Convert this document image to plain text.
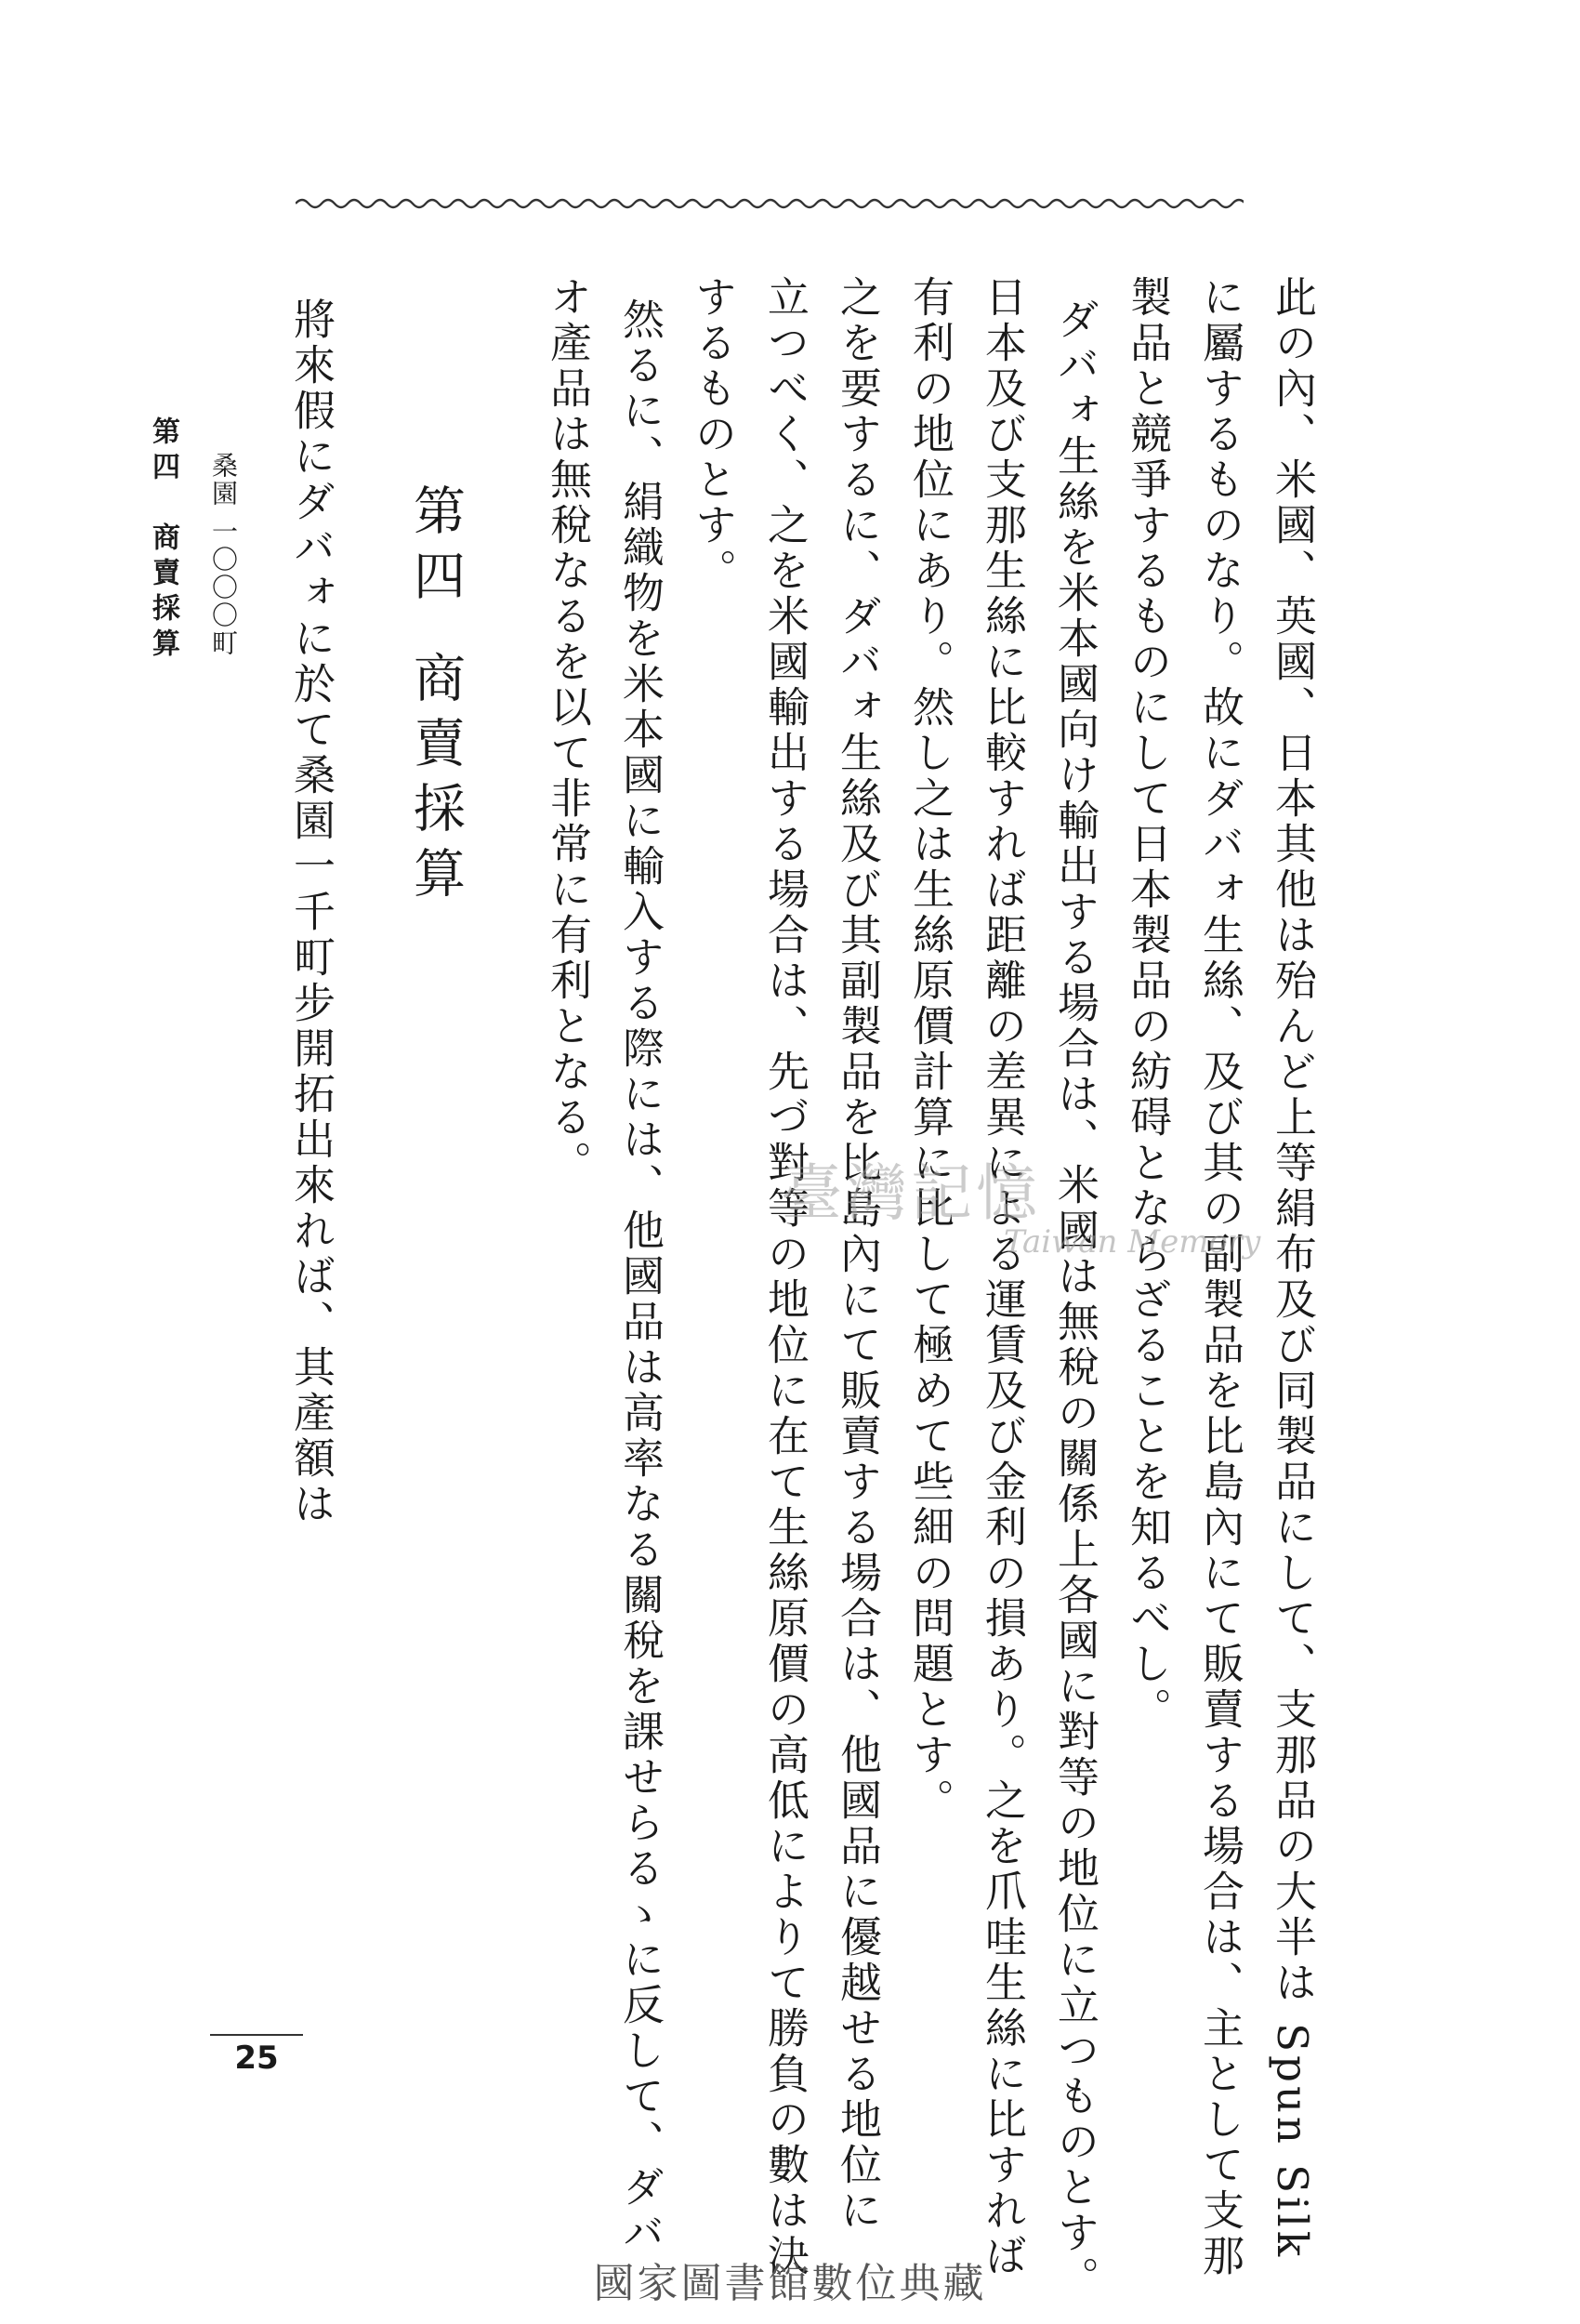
此の內、米國、英國、日本其他は殆んど上等絹布及び同製品にして、支那品の大半は Spun Silk
に屬するものなり。故にダバォ生絲、及び其の副製品を比島內にて販賣する場合は、主として支那
製品と競爭するものにして日本製品の紡碍とならざることを知るべし。
ダバォ生絲を米本國向け輸出する場合は、米國は無稅の關係上各國に對等の地位に立つものとす。
日本及び支那生絲に比較すれば距離の差異による運賃及び金利の損あり。之を爪哇生絲に比すれば
有利の地位にあり。然し之は生絲原價計算に比して極めて些細の問題とす。
之を要するに、ダバォ生絲及び其副製品を比島內にて販賣する場合は、他國品に優越せる地位に
立つべく、之を米國輸出する場合は、先づ對等の地位に在て生絲原價の高低によりて勝負の數は決
するものとす。
然るに、絹織物を米本國に輸入する際には、他國品は高率なる關稅を課せらるゝに反して、ダバ
オ產品は無稅なるを以て非常に有利となる。
第四商賣採算
將來假にダバォに於て桑園一千町步開拓出來れば、其產額は
桑園 一〇〇〇町
第四　商賣採算
25
臺灣記憶
Taiwan Memory
國家圖書館數位典藏
